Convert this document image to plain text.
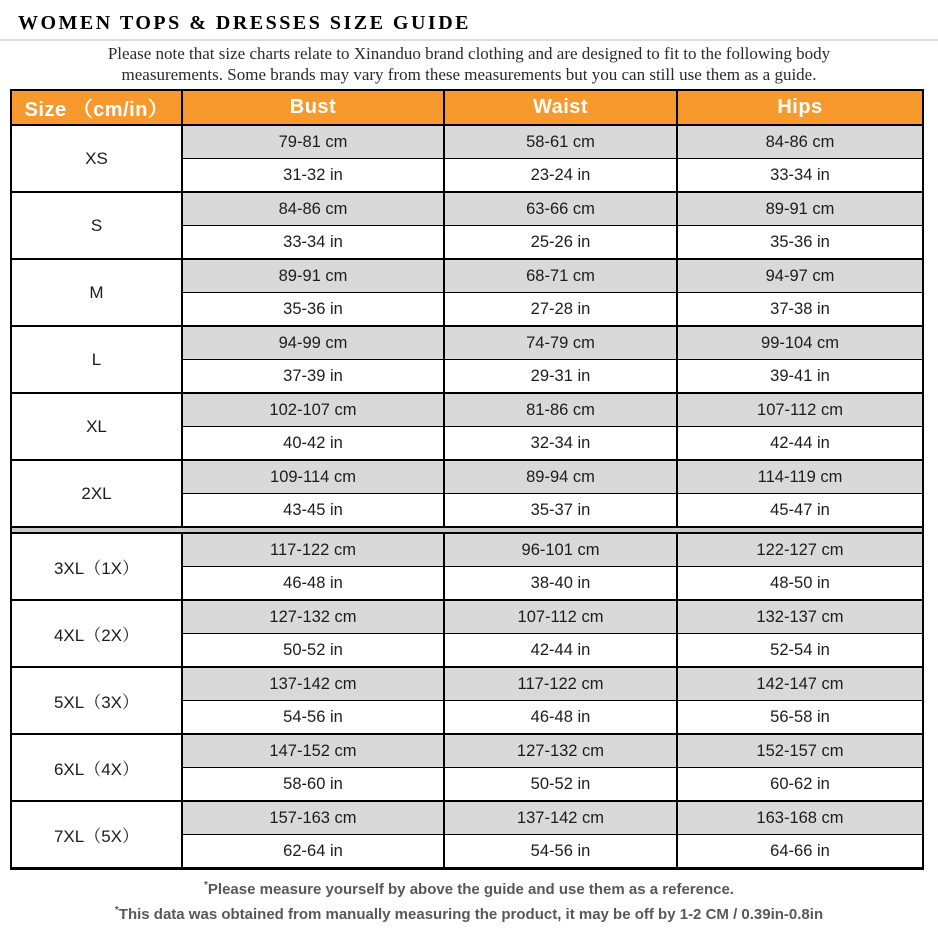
WOMEN TOPS & DRESSES SIZE GUIDE
Please note that size charts relate to Xinanduo brand clothing and are designed to fit to the following body
measurements. Some brands may vary from these measurements but you can still use them as a guide.
Size （cm/in）	Bust	Waist	Hips
XS	79-81 cm	58-61 cm	84-86 cm
	31-32 in	23-24 in	33-34 in
S	84-86 cm	63-66 cm	89-91 cm
	33-34 in	25-26 in	35-36 in
M	89-91 cm	68-71 cm	94-97 cm
	35-36 in	27-28 in	37-38 in
L	94-99 cm	74-79 cm	99-104 cm
	37-39 in	29-31 in	39-41 in
XL	102-107 cm	81-86 cm	107-112 cm
	40-42 in	32-34 in	42-44 in
2XL	109-114 cm	89-94 cm	114-119 cm
	43-45 in	35-37 in	45-47 in

3XL（1X）	117-122 cm	96-101 cm	122-127 cm
	46-48 in	38-40 in	48-50 in
4XL（2X）	127-132 cm	107-112 cm	132-137 cm
	50-52 in	42-44 in	52-54 in
5XL（3X）	137-142 cm	117-122 cm	142-147 cm
	54-56 in	46-48 in	56-58 in
6XL（4X）	147-152 cm	127-132 cm	152-157 cm
	58-60 in	50-52 in	60-62 in
7XL（5X）	157-163 cm	137-142 cm	163-168 cm
	62-64 in	54-56 in	64-66 in
*Please measure yourself by above the guide and use them as a reference.
*This data was obtained from manually measuring the product, it may be off by 1-2 CM / 0.39in-0.8in
